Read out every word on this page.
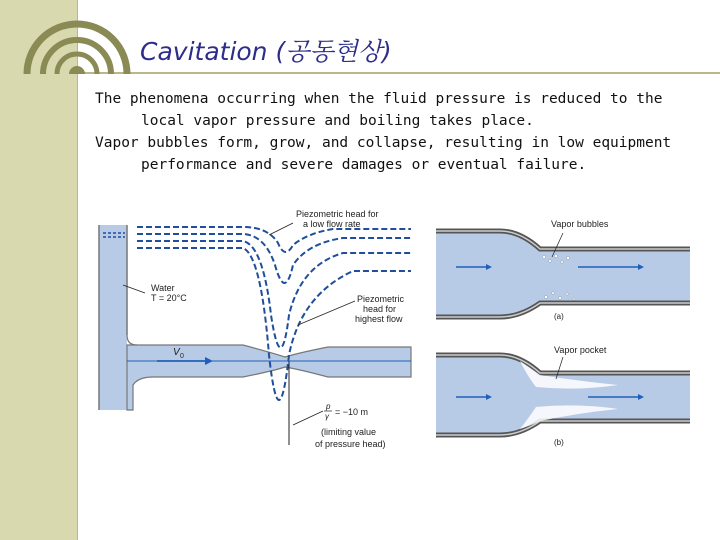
Cavitation (공동현상)

The phenomena occurring when the fluid pressure is reduced to the local vapor pressure and boiling takes place.

Vapor bubbles form, grow, and collapse, resulting in low equipment performance and severe damages or eventual failure.

Piezometric head for
a low flow rate
Water
T = 20°C	Piezometric
head for
highest flow
V 0
p
γ = −10 m
(limiting value
of pressure head)
Vapor bubbles
(a)
Vapor pocket
(b)
